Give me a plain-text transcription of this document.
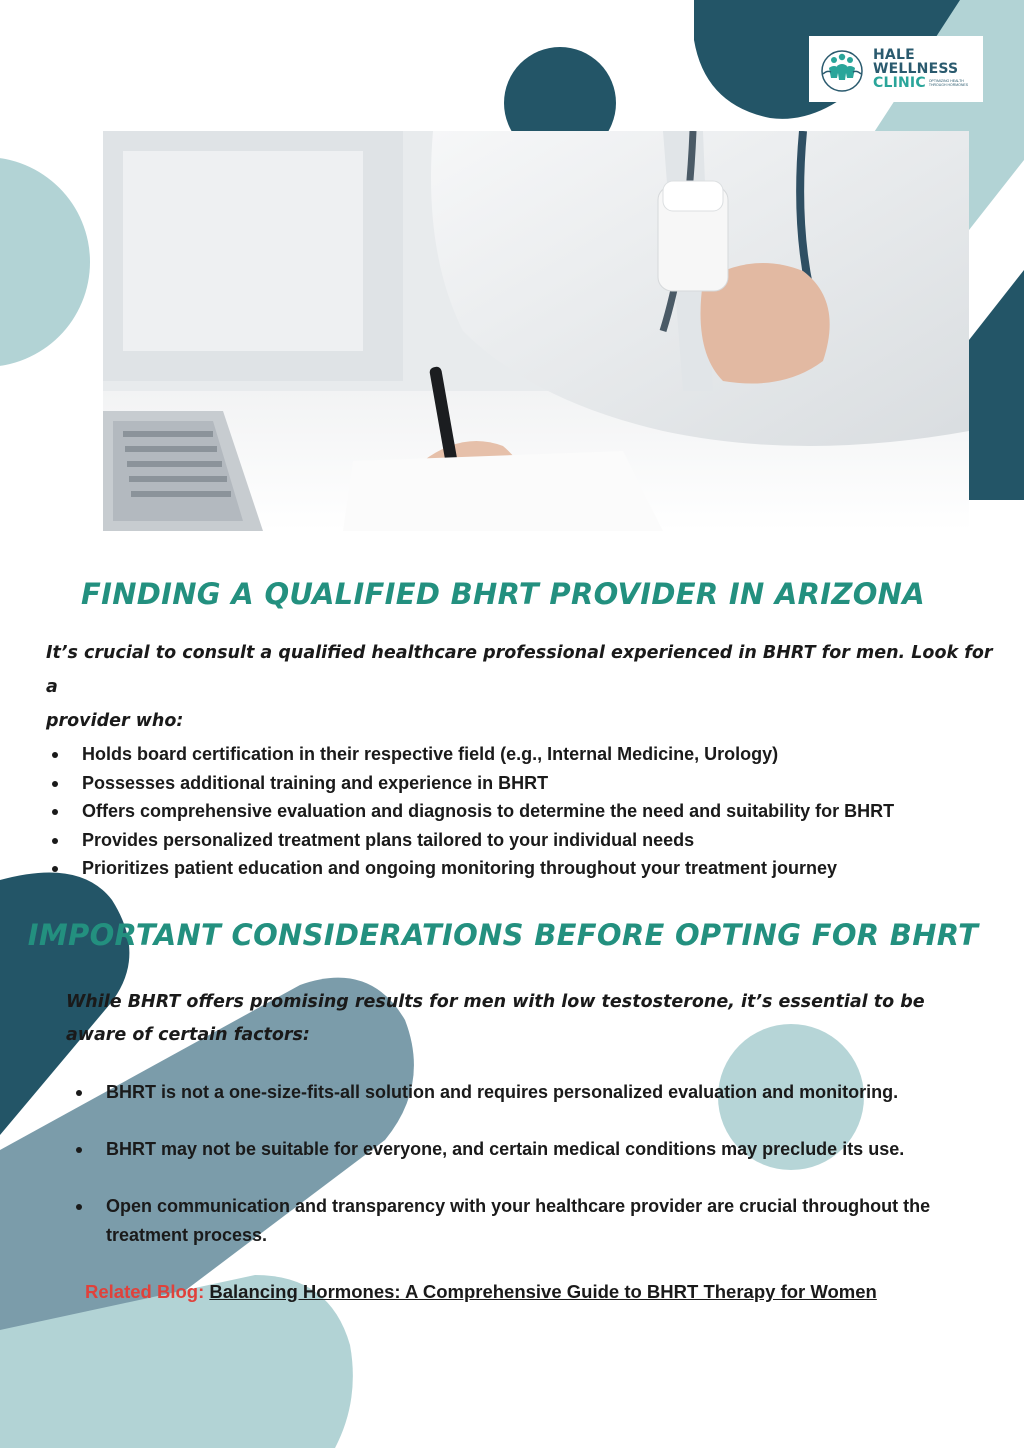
HALE
WELLNESS
CLINIC OPTIMIZING HEALTH
THROUGH HORMONES
FINDING A QUALIFIED BHRT PROVIDER IN ARIZONA

It’s crucial to consult a qualified healthcare professional experienced in BHRT for men. Look for a
provider who:

Holds board certification in their respective field (e.g., Internal Medicine, Urology)
Possesses additional training and experience in BHRT
Offers comprehensive evaluation and diagnosis to determine the need and suitability for BHRT
Provides personalized treatment plans tailored to your individual needs
Prioritizes patient education and ongoing monitoring throughout your treatment journey
IMPORTANT CONSIDERATIONS BEFORE OPTING FOR BHRT

While BHRT offers promising results for men with low testosterone, it’s essential to be
aware of certain factors:

BHRT is not a one-size-fits-all solution and requires personalized evaluation and monitoring.
BHRT may not be suitable for everyone, and certain medical conditions may preclude its use.
Open communication and transparency with your healthcare provider are crucial throughout the treatment process.
Related Blog: Balancing Hormones: A Comprehensive Guide to BHRT Therapy for Women
